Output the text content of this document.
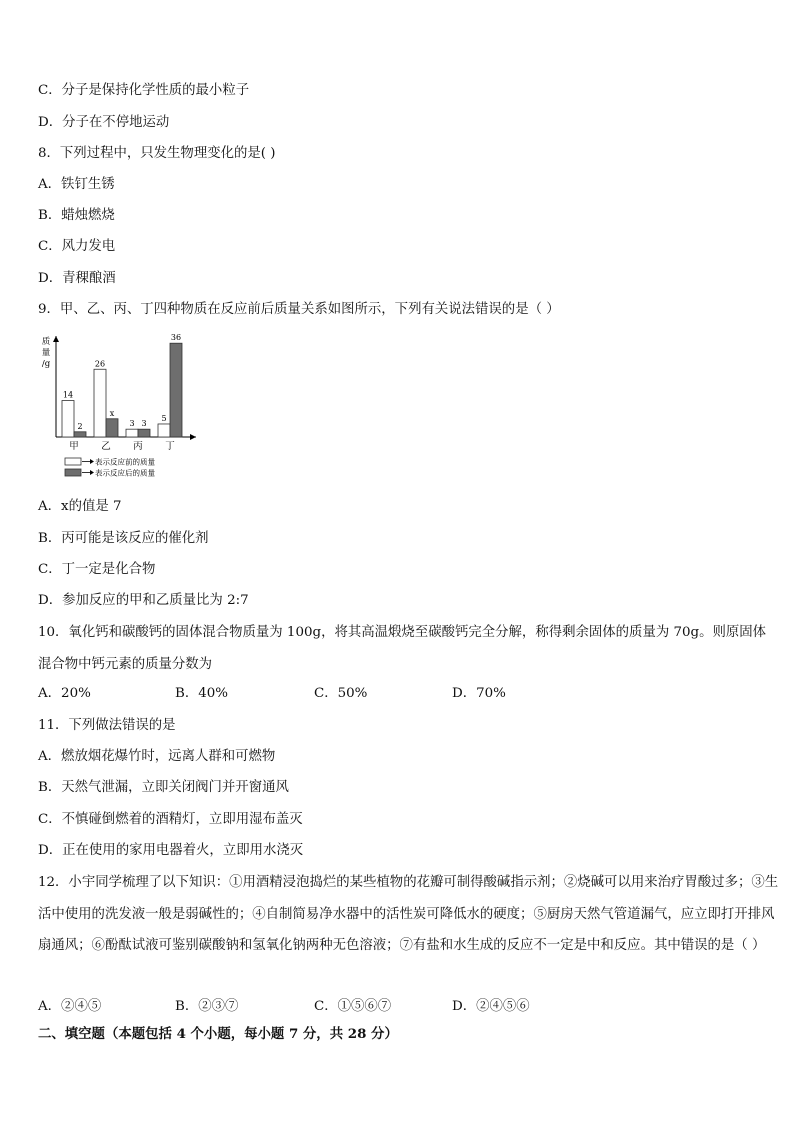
C．分子是保持化学性质的最小粒子
D．分子在不停地运动
8．下列过程中，只发生物理变化的是( )
A．铁钉生锈
B．蜡烛燃烧
C．风力发电
D．青稞酿酒
9．甲、乙、丙、丁四种物质在反应前后质量关系如图所示，下列有关说法错误的是（ ）
质
量
/g
14
2
甲
26
x
乙
3 3
丙
5
36
丁
表示反应前的质量
表示反应后的质量
A．x的值是 7
B．丙可能是该反应的催化剂
C．丁一定是化合物
D．参加反应的甲和乙质量比为 2:7
10．氧化钙和碳酸钙的固体混合物质量为 100g，将其高温煅烧至碳酸钙完全分解，称得剩余固体的质量为 70g。则原固体混合物中钙元素的质量分数为
A．20%	B．40%	C．50%	D．70%
11．下列做法错误的是
A．燃放烟花爆竹时，远离人群和可燃物
B．天然气泄漏，立即关闭阀门并开窗通风
C．不慎碰倒燃着的酒精灯，立即用湿布盖灭
D．正在使用的家用电器着火，立即用水浇灭
12．小宇同学梳理了以下知识：①用酒精浸泡捣烂的某些植物的花瓣可制得酸碱指示剂；②烧碱可以用来治疗胃酸过多；③生活中使用的洗发液一般是弱碱性的；④自制简易净水器中的活性炭可降低水的硬度；⑤厨房天然气管道漏气，应立即打开排风扇通风；⑥酚酞试液可鉴别碳酸钠和氢氧化钠两种无色溶液；⑦有盐和水生成的反应不一定是中和反应。其中错误的是（ ）
A．②④⑤	B．②③⑦	C．①⑤⑥⑦	D．②④⑤⑥
二、填空题（本题包括 4 个小题，每小题 7 分，共 28 分）
